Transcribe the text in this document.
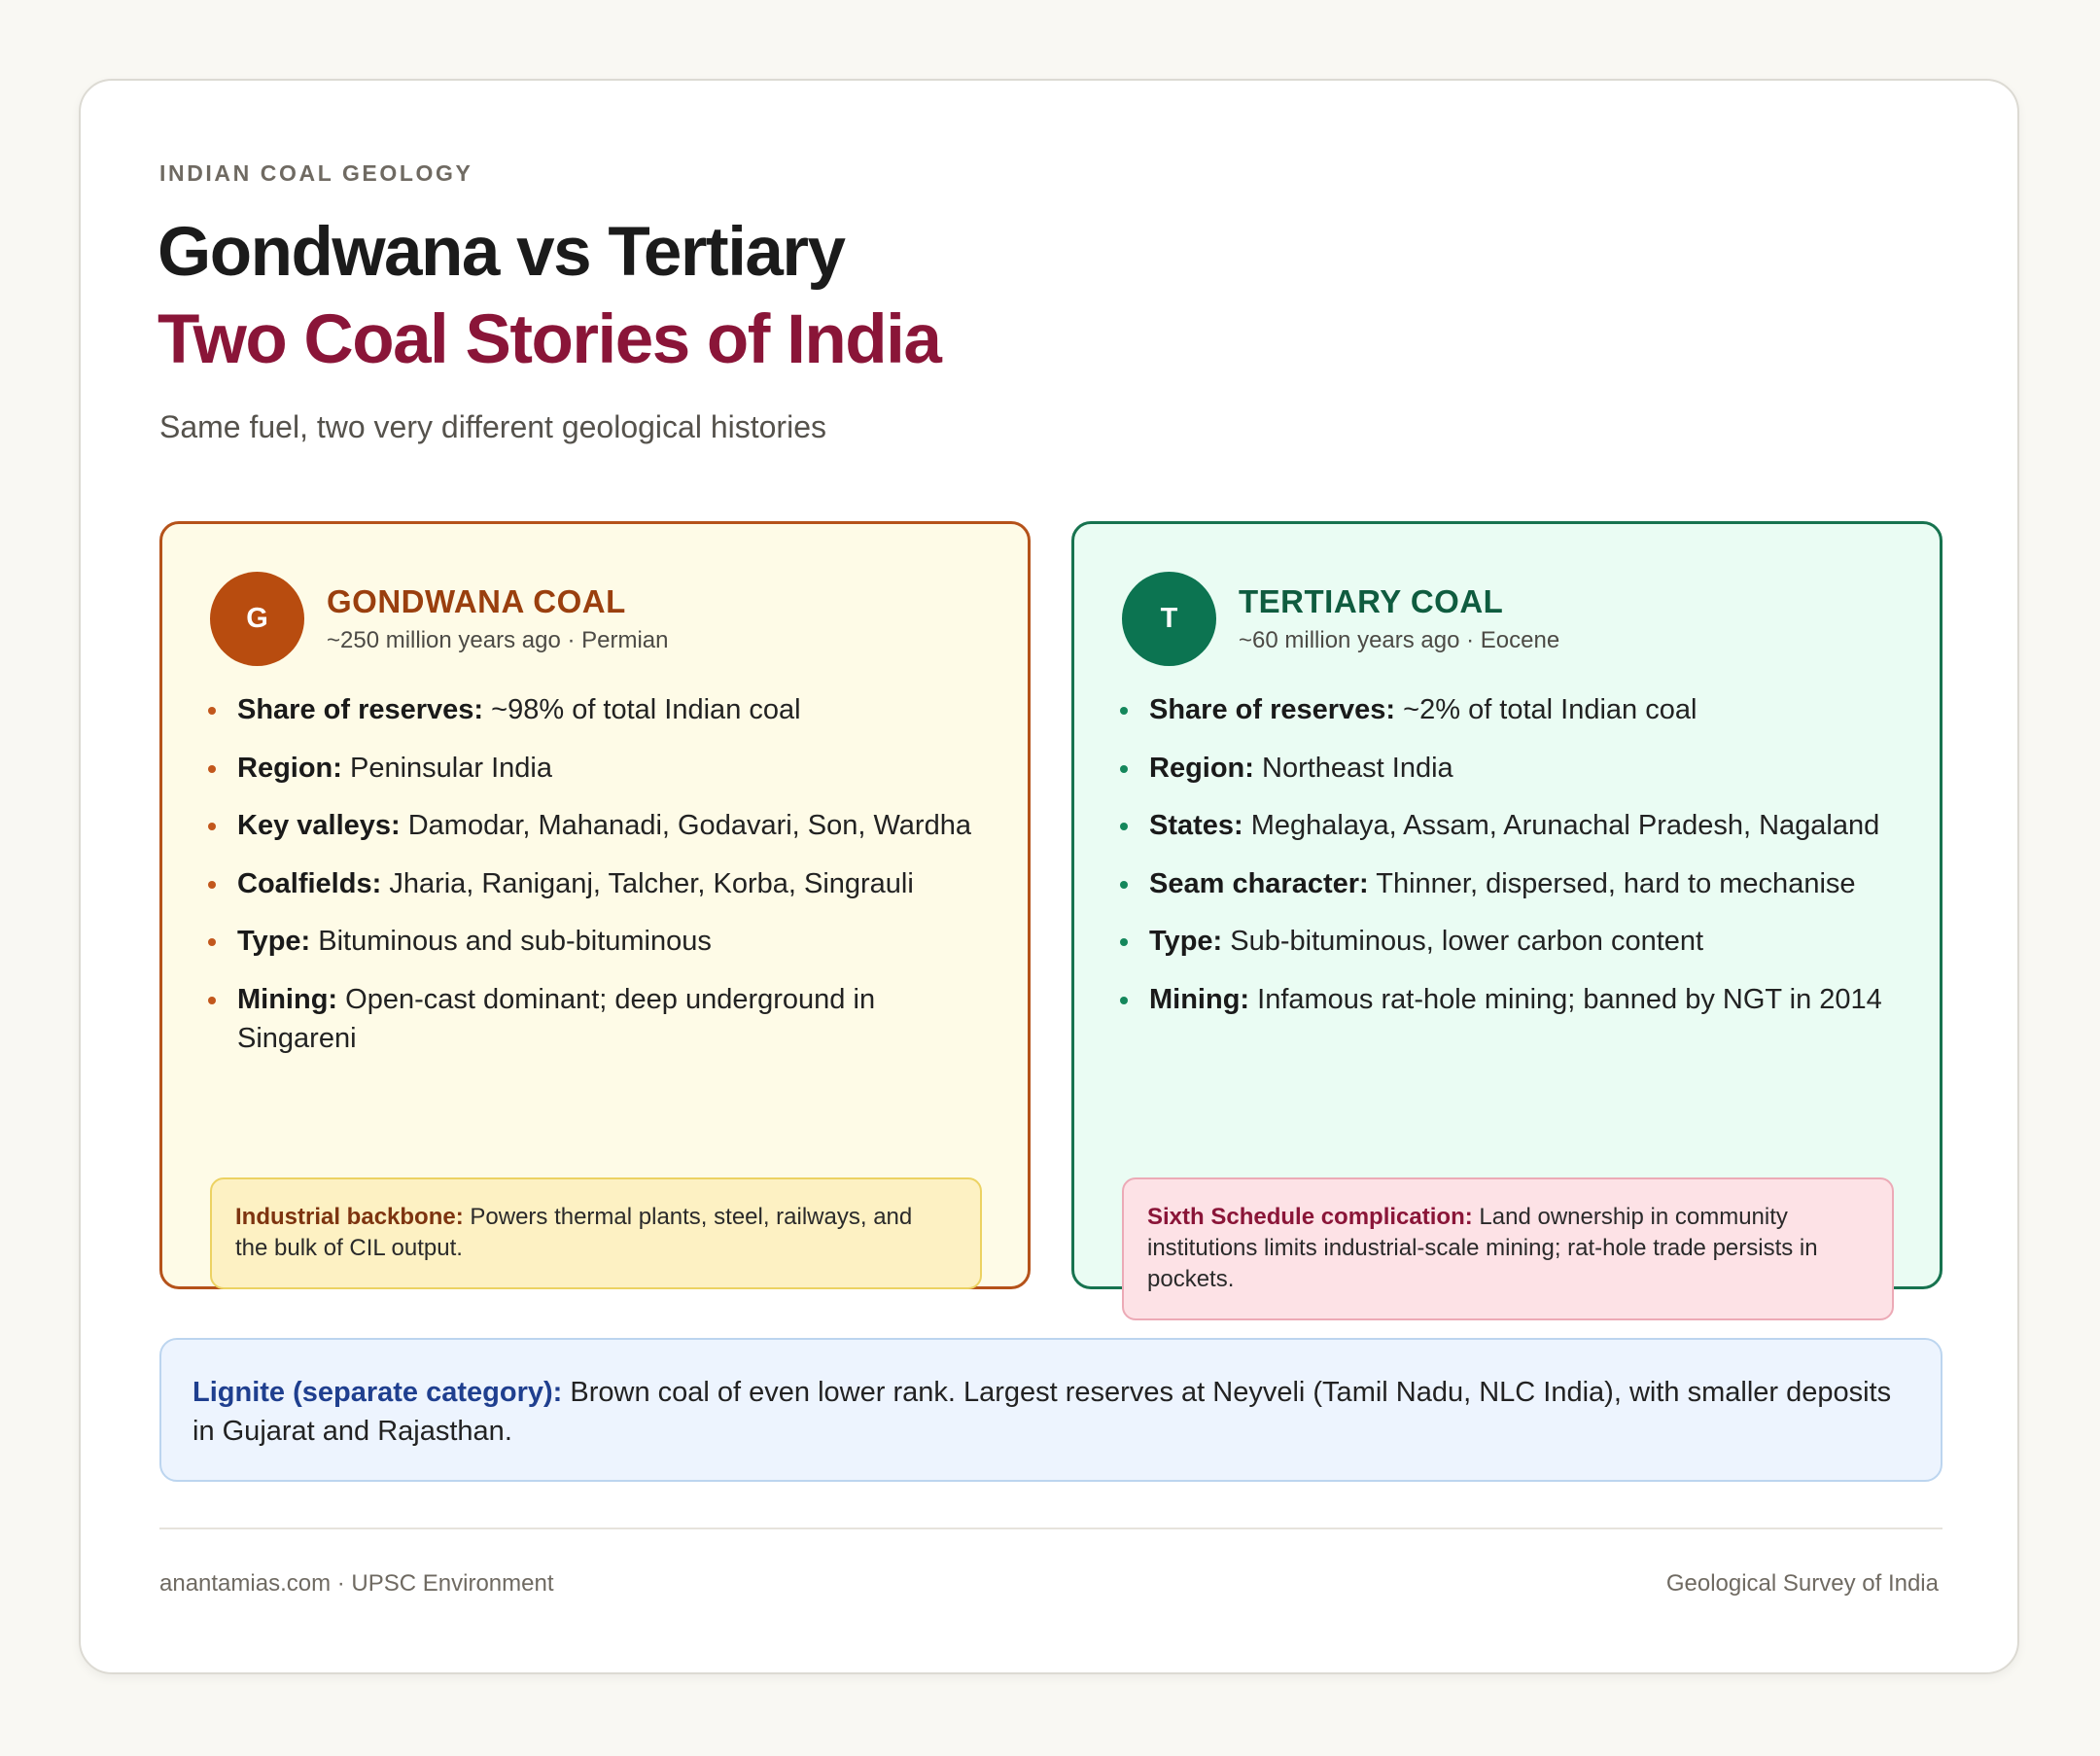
INDIAN COAL GEOLOGY
Gondwana vs Tertiary
Two Coal Stories of India
Same fuel, two very different geological histories
G	GONDWANA COAL
~250 million years ago · Permian
Share of reserves: ~98% of total Indian coal
Region: Peninsular India
Key valleys: Damodar, Mahanadi, Godavari, Son, Wardha
Coalfields: Jharia, Raniganj, Talcher, Korba, Singrauli
Type: Bituminous and sub-bituminous
Mining: Open-cast dominant; deep underground in Singareni
Industrial backbone: Powers thermal plants, steel, railways, and the bulk of CIL output.
T	TERTIARY COAL
~60 million years ago · Eocene
Share of reserves: ~2% of total Indian coal
Region: Northeast India
States: Meghalaya, Assam, Arunachal Pradesh, Nagaland
Seam character: Thinner, dispersed, hard to mechanise
Type: Sub-bituminous, lower carbon content
Mining: Infamous rat-hole mining; banned by NGT in 2014
Sixth Schedule complication: Land ownership in community institutions limits industrial-scale mining; rat-hole trade persists in pockets.
Lignite (separate category): Brown coal of even lower rank. Largest reserves at Neyveli (Tamil Nadu, NLC India), with smaller deposits in Gujarat and Rajasthan.
anantamias.com · UPSC Environment	Geological Survey of India
